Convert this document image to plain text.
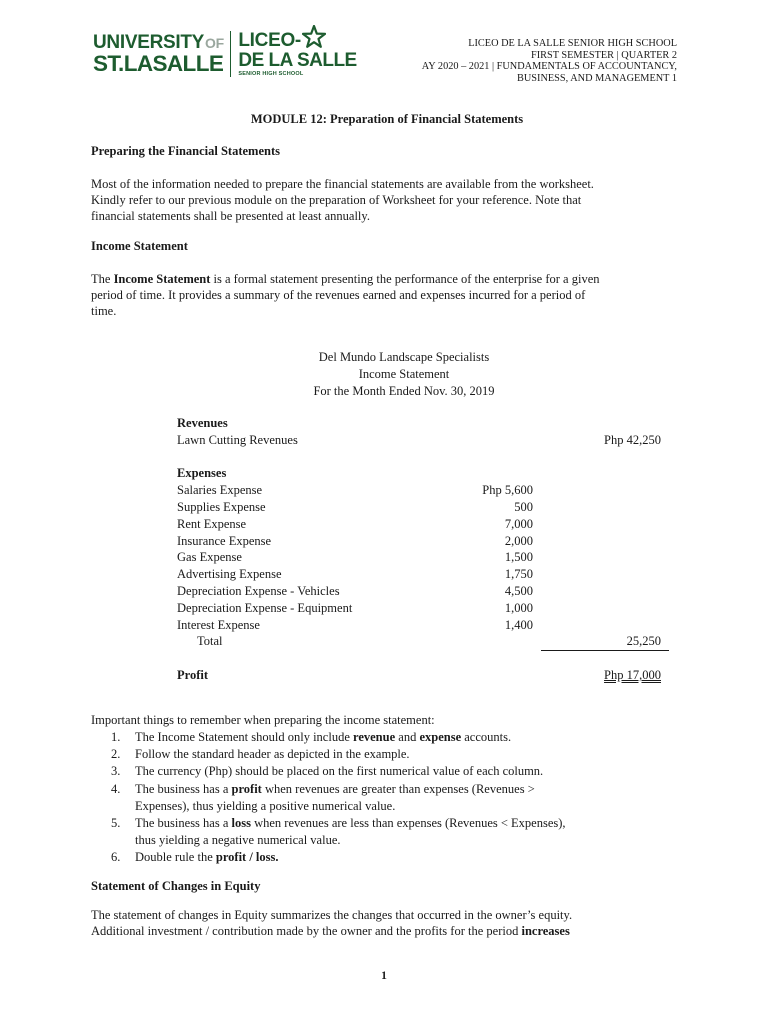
UNIVERSITY OF
ST.LASALLE
LICEO-
DE LA SALLE
SENIOR HIGH SCHOOL
LICEO DE LA SALLE SENIOR HIGH SCHOOL
FIRST SEMESTER | QUARTER 2
AY 2020 – 2021 | FUNDAMENTALS OF ACCOUNTANCY,
BUSINESS, AND MANAGEMENT 1
MODULE 12: Preparation of Financial Statements
Preparing the Financial Statements
Most of the information needed to prepare the financial statements are available from the worksheet.
Kindly refer to our previous module on the preparation of Worksheet for your reference. Note that
financial statements shall be presented at least annually.
Income Statement
The Income Statement is a formal statement presenting the performance of the enterprise for a given
period of time. It provides a summary of the revenues earned and expenses incurred for a period of
time.
Del Mundo Landscape Specialists
Income Statement
For the Month Ended Nov. 30, 2019
Revenues
Lawn Cutting Revenues	Php 42,250
Expenses
Salaries Expense	Php 5,600
Supplies Expense	500
Rent Expense	7,000
Insurance Expense	2,000
Gas Expense	1,500
Advertising Expense	1,750
Depreciation Expense - Vehicles	4,500
Depreciation Expense - Equipment	1,000
Interest Expense	1,400
Total	25,250
Profit	Php 17,000
Important things to remember when preparing the income statement:
1. The Income Statement should only include revenue and expense accounts.
2. Follow the standard header as depicted in the example.
3. The currency (Php) should be placed on the first numerical value of each column.
4. The business has a profit when revenues are greater than expenses (Revenues >
Expenses), thus yielding a positive numerical value.
5. The business has a loss when revenues are less than expenses (Revenues < Expenses),
thus yielding a negative numerical value.
6. Double rule the profit / loss.
Statement of Changes in Equity
The statement of changes in Equity summarizes the changes that occurred in the owner’s equity.
Additional investment / contribution made by the owner and the profits for the period increases
1
